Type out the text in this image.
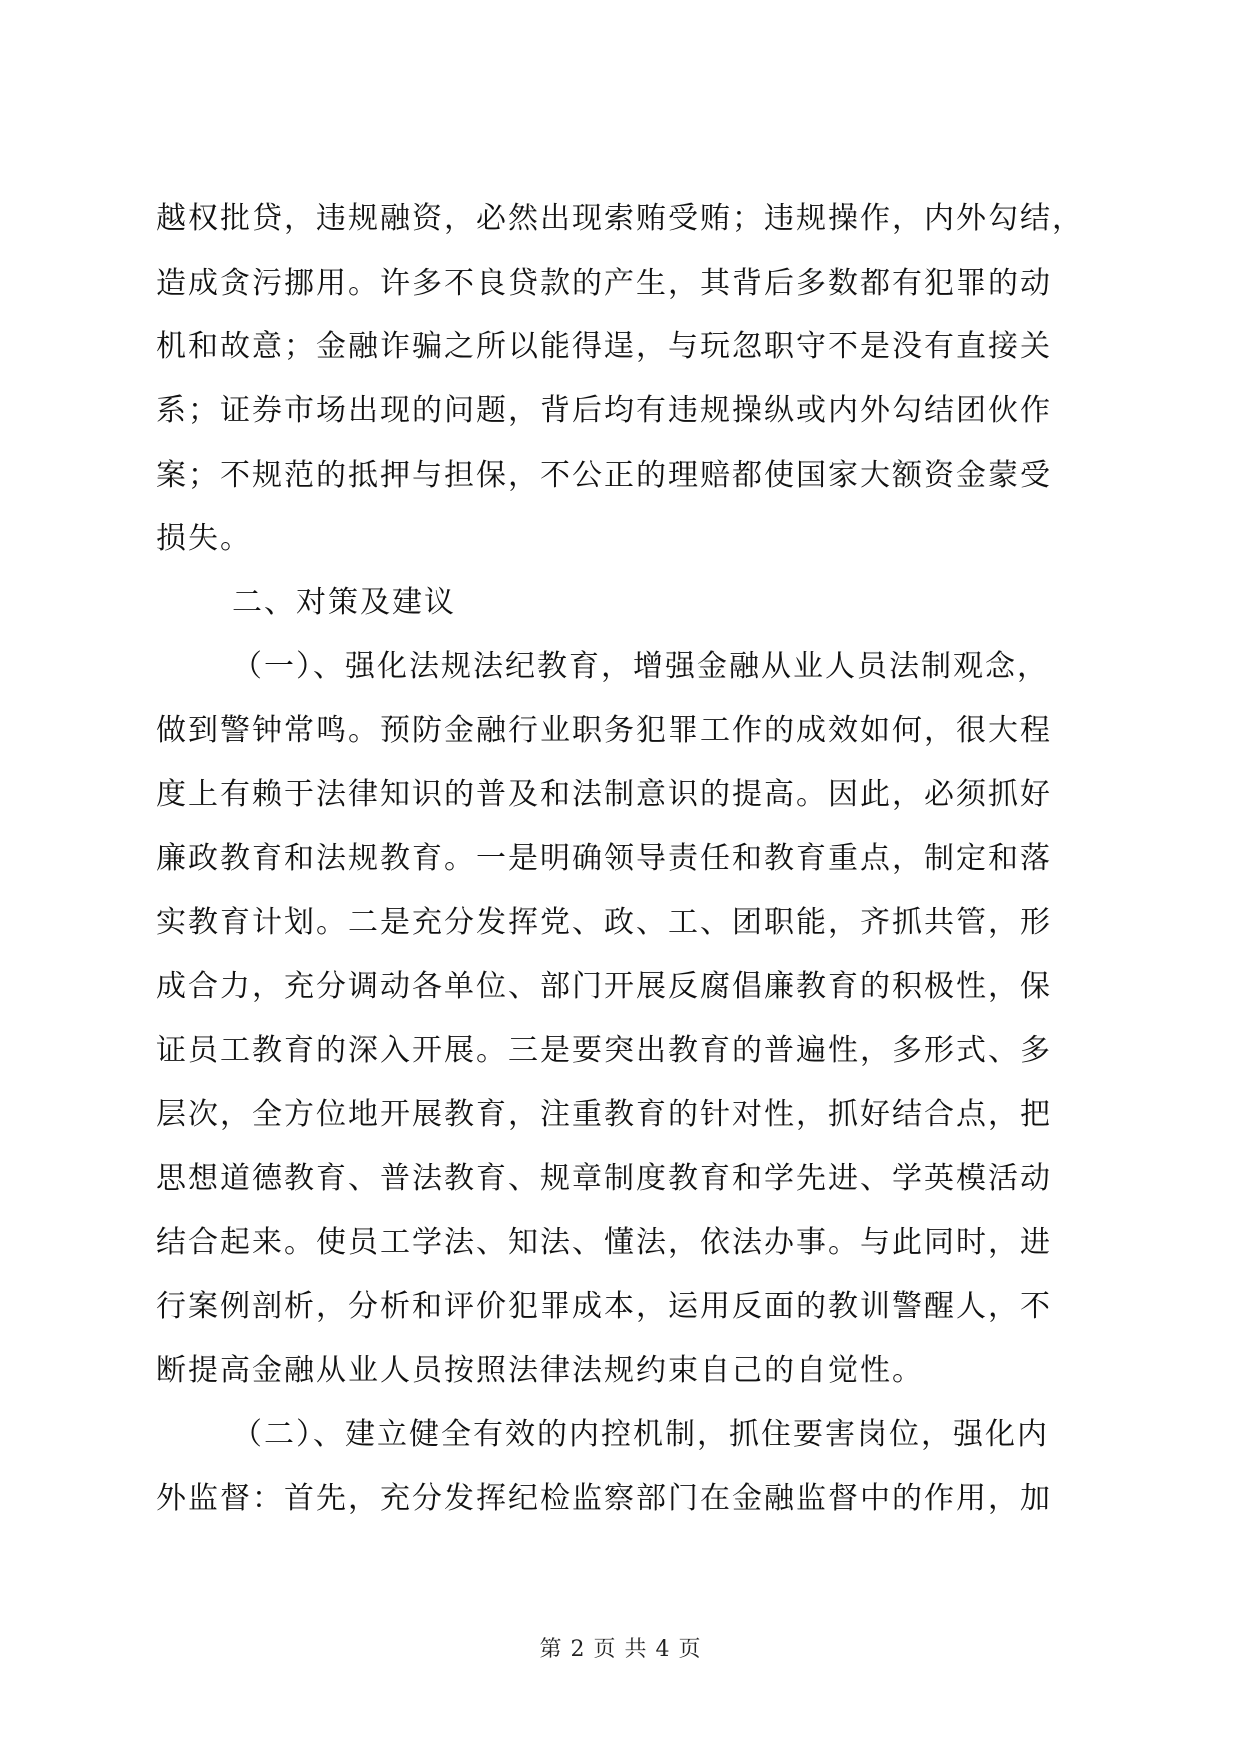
越权批贷，违规融资，必然出现索贿受贿；违规操作，内外勾结，
造成贪污挪用。许多不良贷款的产生，其背后多数都有犯罪的动
机和故意；金融诈骗之所以能得逞，与玩忽职守不是没有直接关
系；证券市场出现的问题，背后均有违规操纵或内外勾结团伙作
案；不规范的抵押与担保，不公正的理赔都使国家大额资金蒙受
损失。
二、对策及建议
（一）、强化法规法纪教育，增强金融从业人员法制观念，
做到警钟常鸣。预防金融行业职务犯罪工作的成效如何，很大程
度上有赖于法律知识的普及和法制意识的提高。因此，必须抓好
廉政教育和法规教育。一是明确领导责任和教育重点，制定和落
实教育计划。二是充分发挥党、政、工、团职能，齐抓共管，形
成合力，充分调动各单位、部门开展反腐倡廉教育的积极性，保
证员工教育的深入开展。三是要突出教育的普遍性，多形式、多
层次，全方位地开展教育，注重教育的针对性，抓好结合点，把
思想道德教育、普法教育、规章制度教育和学先进、学英模活动
结合起来。使员工学法、知法、懂法，依法办事。与此同时，进
行案例剖析，分析和评价犯罪成本，运用反面的教训警醒人，不
断提高金融从业人员按照法律法规约束自己的自觉性。
（二）、建立健全有效的内控机制，抓住要害岗位，强化内
外监督：首先，充分发挥纪检监察部门在金融监督中的作用，加
第 2 页 共 4 页
